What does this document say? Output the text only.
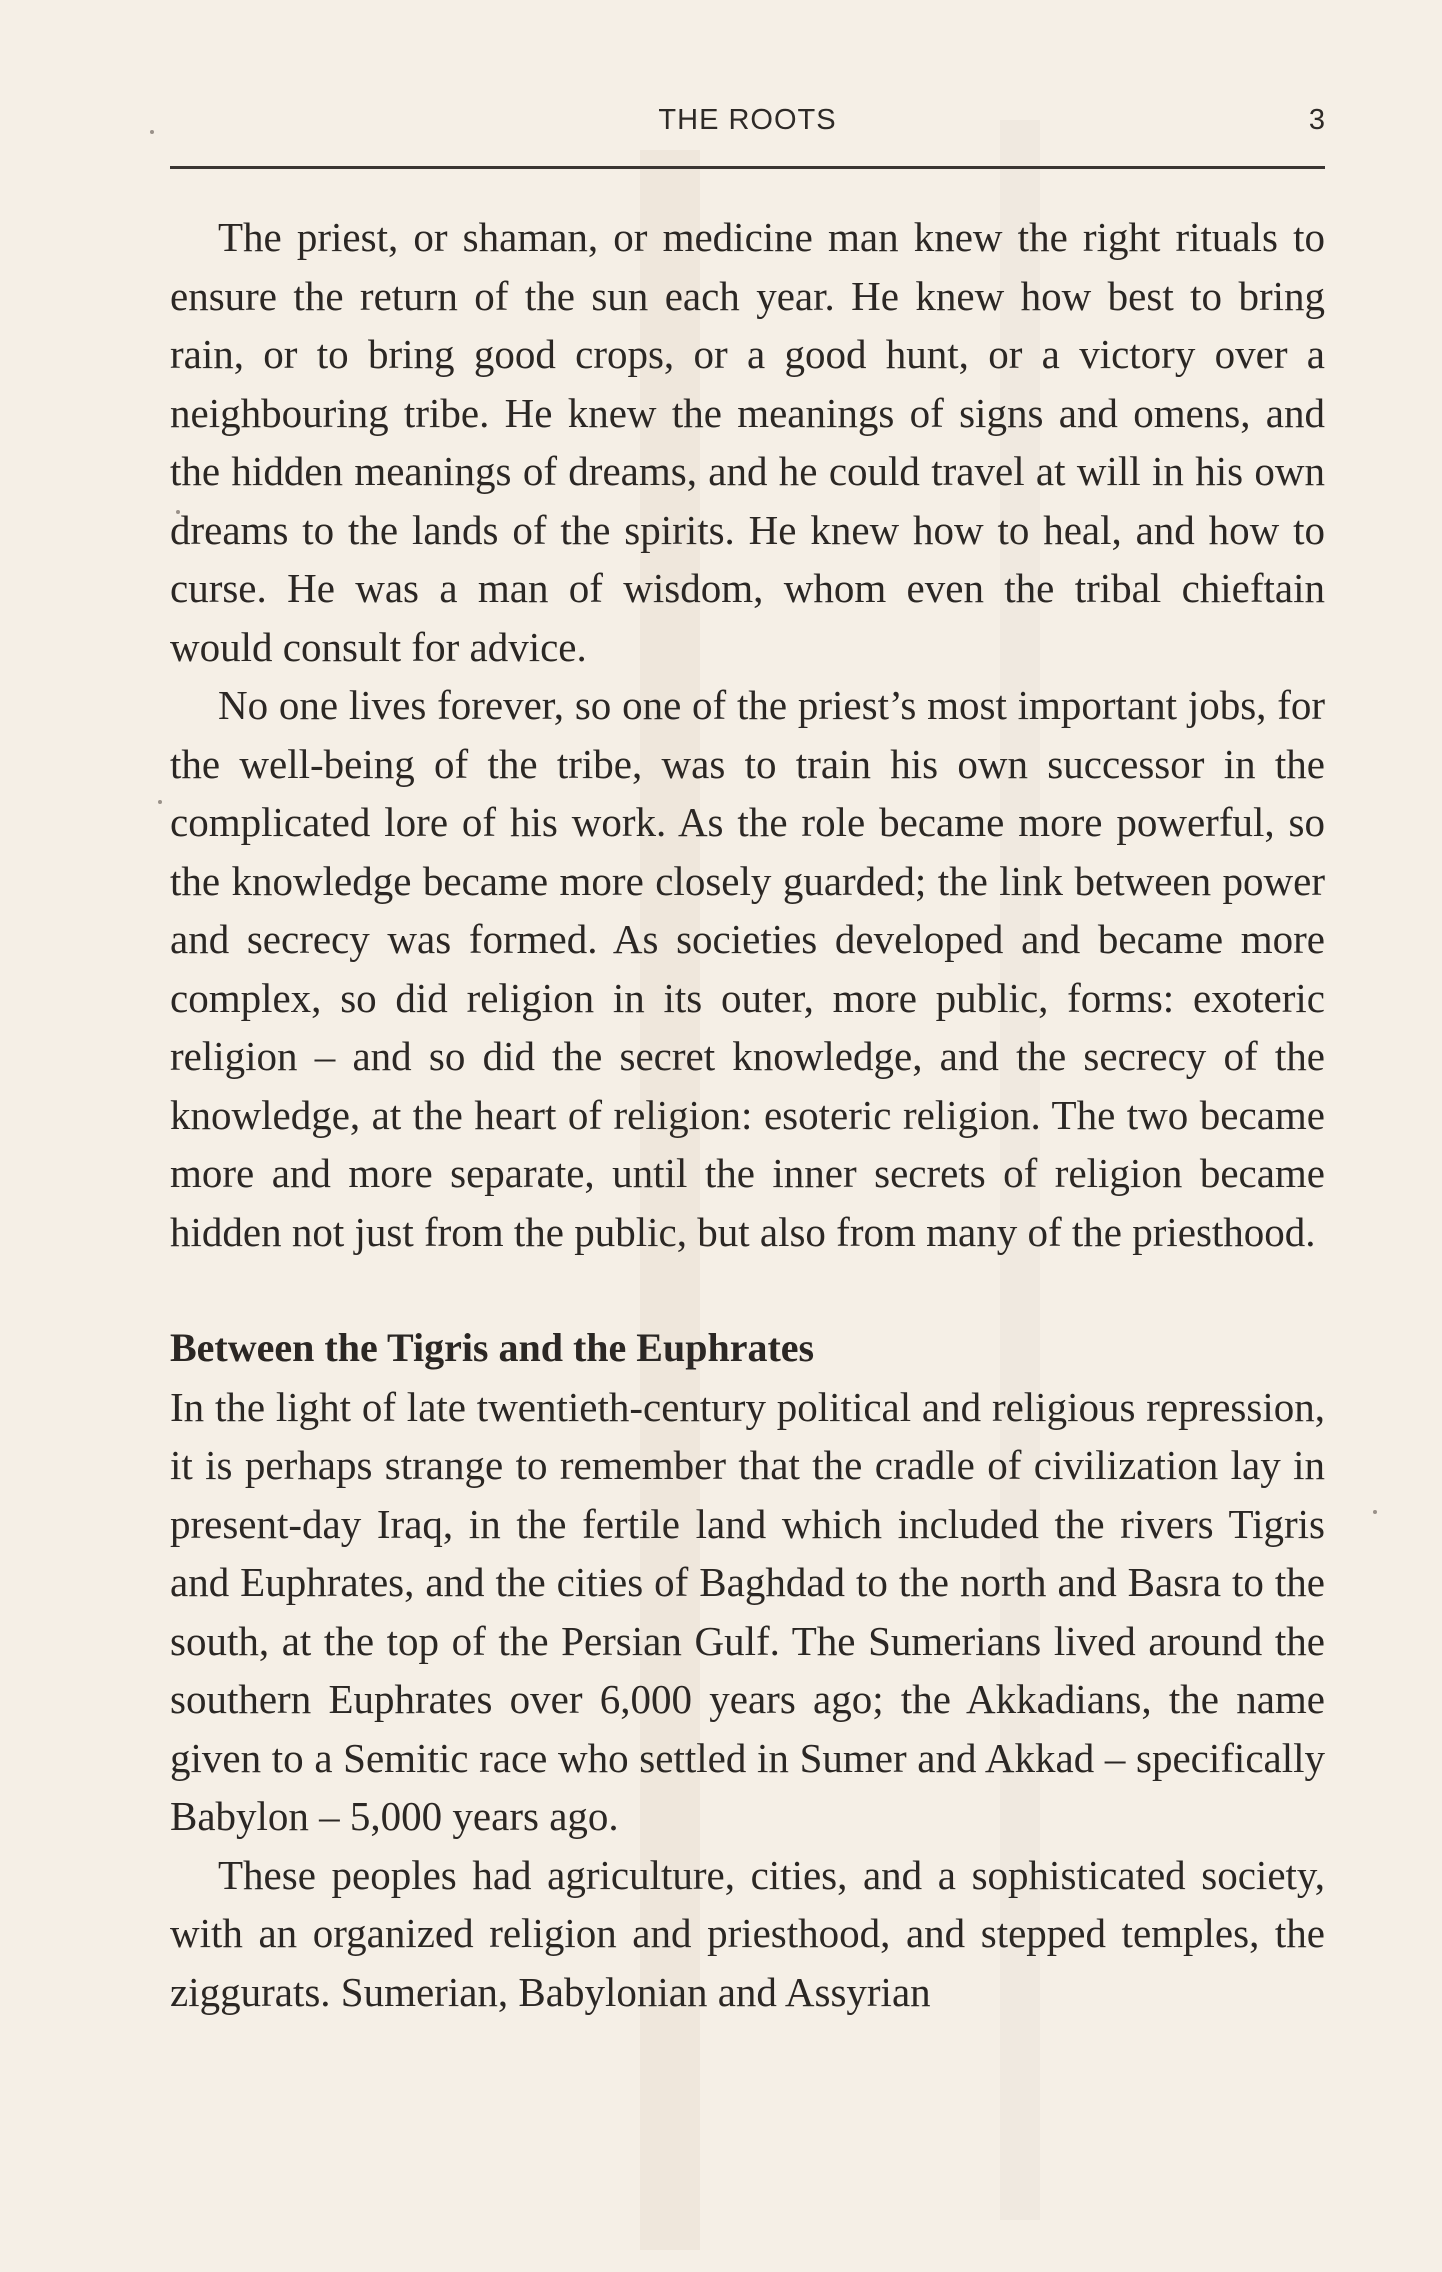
THE ROOTS	3

The priest, or shaman, or medicine man knew the right rituals to ensure the return of the sun each year. He knew how best to bring rain, or to bring good crops, or a good hunt, or a victory over a neighbouring tribe. He knew the meanings of signs and omens, and the hidden meanings of dreams, and he could travel at will in his own dreams to the lands of the spirits. He knew how to heal, and how to curse. He was a man of wisdom, whom even the tribal chieftain would consult for advice.

No one lives forever, so one of the priest’s most important jobs, for the well-being of the tribe, was to train his own successor in the complicated lore of his work. As the role became more powerful, so the knowledge became more closely guarded; the link between power and secrecy was formed. As societies developed and became more complex, so did religion in its outer, more public, forms: exoteric religion – and so did the secret knowledge, and the secrecy of the knowledge, at the heart of religion: esoteric religion. The two became more and more separate, until the inner secrets of religion became hidden not just from the public, but also from many of the priesthood.

Between the Tigris and the Euphrates

In the light of late twentieth-century political and religious repression, it is perhaps strange to remember that the cradle of civilization lay in present-day Iraq, in the fertile land which included the rivers Tigris and Euphrates, and the cities of Baghdad to the north and Basra to the south, at the top of the Persian Gulf. The Sumerians lived around the southern Euphrates over 6,000 years ago; the Akkadians, the name given to a Semitic race who settled in Sumer and Akkad – specifically Babylon – 5,000 years ago.

These peoples had agriculture, cities, and a sophisticated society, with an organized religion and priesthood, and stepped temples, the ziggurats. Sumerian, Babylonian and Assyrian
